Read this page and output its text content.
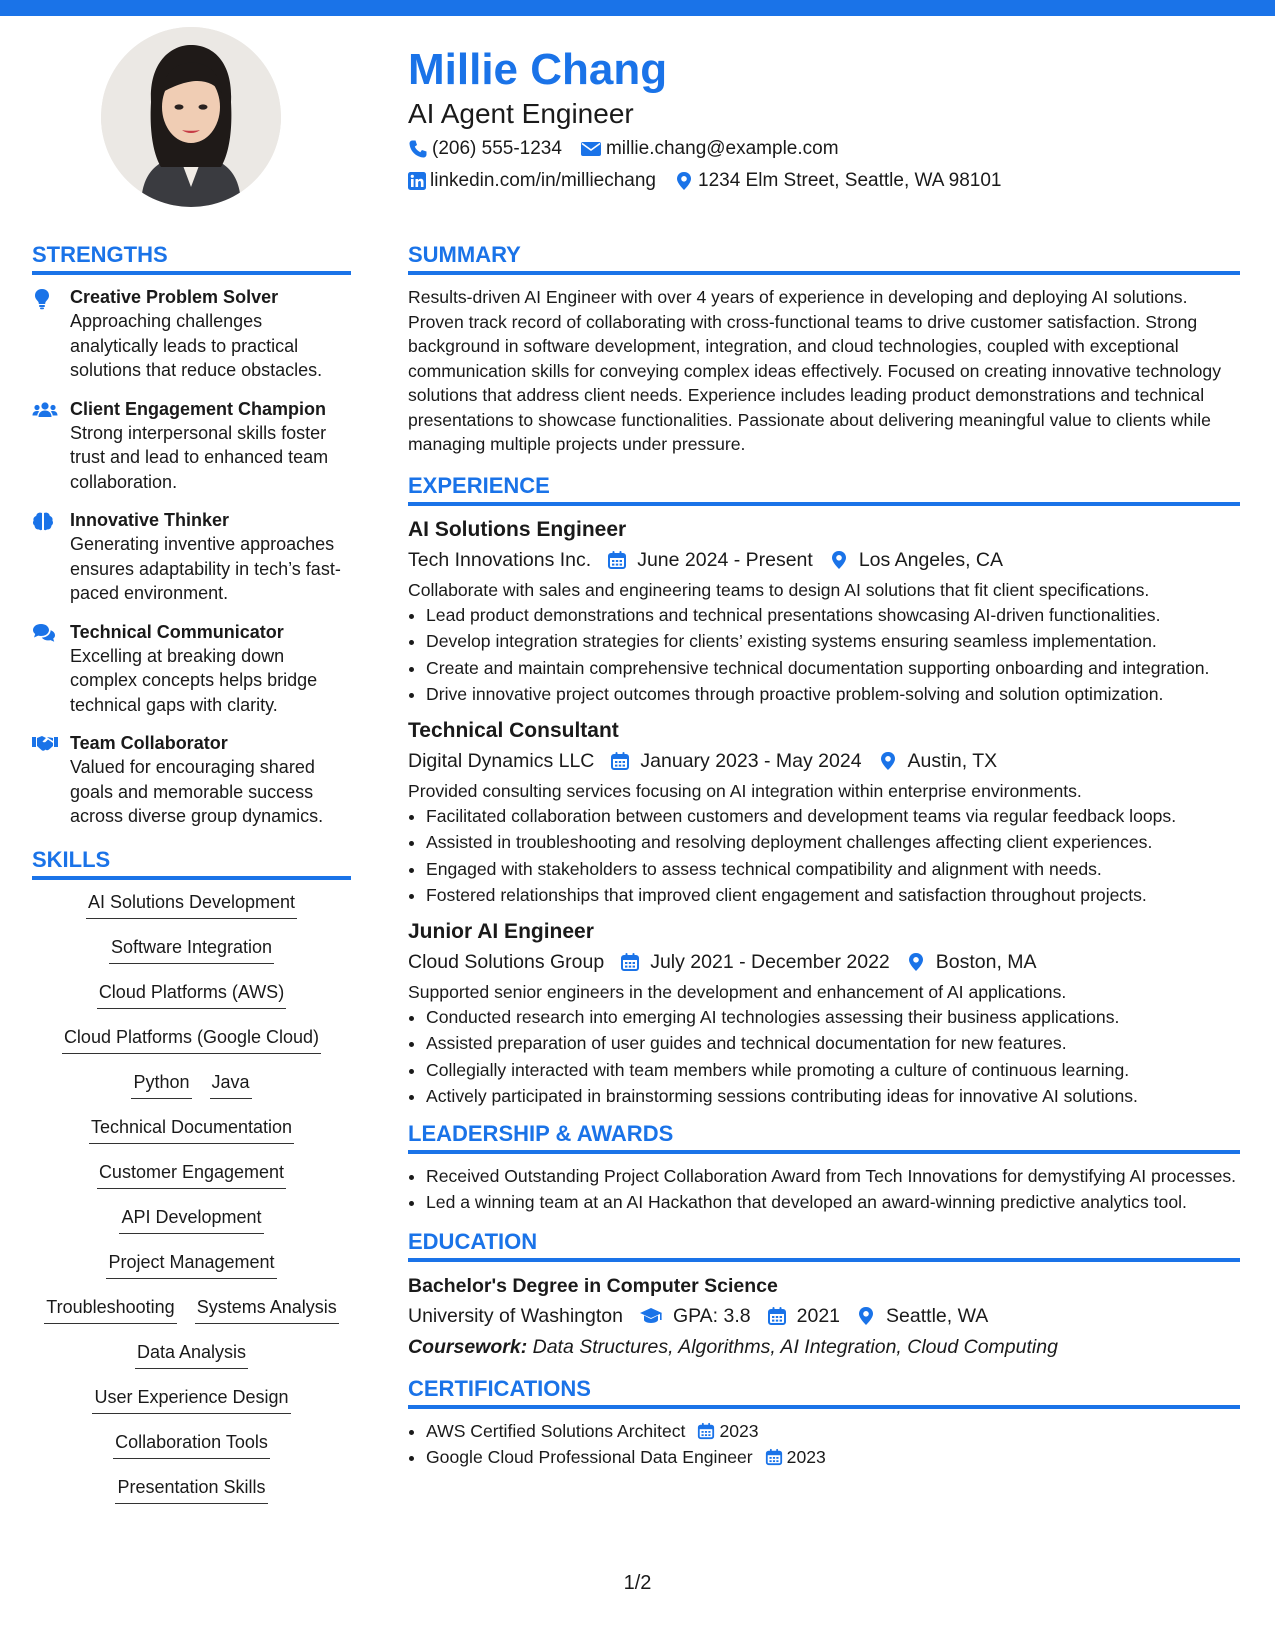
Millie Chang
AI Agent Engineer
(206) 555-1234 millie.chang@example.com
linkedin.com/in/milliechang 1234 Elm Street, Seattle, WA 98101
STRENGTHS
Creative Problem Solver
Approaching challenges analytically leads to practical solutions that reduce obstacles.
Client Engagement Champion
Strong interpersonal skills foster trust and lead to enhanced team collaboration.
Innovative Thinker
Generating inventive approaches ensures adaptability in tech’s fast-paced environment.
Technical Communicator
Excelling at breaking down complex concepts helps bridge technical gaps with clarity.
Team Collaborator
Valued for encouraging shared goals and memorable success across diverse group dynamics.
SKILLS
AI Solutions Development
Software Integration
Cloud Platforms (AWS)
Cloud Platforms (Google Cloud)
Python Java
Technical Documentation
Customer Engagement
API Development
Project Management
Troubleshooting Systems Analysis
Data Analysis
User Experience Design
Collaboration Tools
Presentation Skills
SUMMARY
Results-driven AI Engineer with over 4 years of experience in developing and deploying AI solutions. Proven track record of collaborating with cross-functional teams to drive customer satisfaction. Strong background in software development, integration, and cloud technologies, coupled with exceptional communication skills for conveying complex ideas effectively. Focused on creating innovative technology solutions that address client needs. Experience includes leading product demonstrations and technical presentations to showcase functionalities. Passionate about delivering meaningful value to clients while managing multiple projects under pressure.
EXPERIENCE
AI Solutions Engineer
Tech Innovations Inc. June 2024 - Present Los Angeles, CA
Collaborate with sales and engineering teams to design AI solutions that fit client specifications.
• Lead product demonstrations and technical presentations showcasing AI-driven functionalities.
• Develop integration strategies for clients’ existing systems ensuring seamless implementation.
• Create and maintain comprehensive technical documentation supporting onboarding and integration.
• Drive innovative project outcomes through proactive problem-solving and solution optimization.
Technical Consultant
Digital Dynamics LLC January 2023 - May 2024 Austin, TX
Provided consulting services focusing on AI integration within enterprise environments.
• Facilitated collaboration between customers and development teams via regular feedback loops.
• Assisted in troubleshooting and resolving deployment challenges affecting client experiences.
• Engaged with stakeholders to assess technical compatibility and alignment with needs.
• Fostered relationships that improved client engagement and satisfaction throughout projects.
Junior AI Engineer
Cloud Solutions Group July 2021 - December 2022 Boston, MA
Supported senior engineers in the development and enhancement of AI applications.
• Conducted research into emerging AI technologies assessing their business applications.
• Assisted preparation of user guides and technical documentation for new features.
• Collegially interacted with team members while promoting a culture of continuous learning.
• Actively participated in brainstorming sessions contributing ideas for innovative AI solutions.
LEADERSHIP & AWARDS
• Received Outstanding Project Collaboration Award from Tech Innovations for demystifying AI processes.
• Led a winning team at an AI Hackathon that developed an award-winning predictive analytics tool.
EDUCATION
Bachelor's Degree in Computer Science
University of Washington	GPA: 3.8 2021 Seattle, WA
Coursework: Data Structures, Algorithms, AI Integration, Cloud Computing
CERTIFICATIONS
• AWS Certified Solutions Architect 2023
• Google Cloud Professional Data Engineer 2023
1/2
